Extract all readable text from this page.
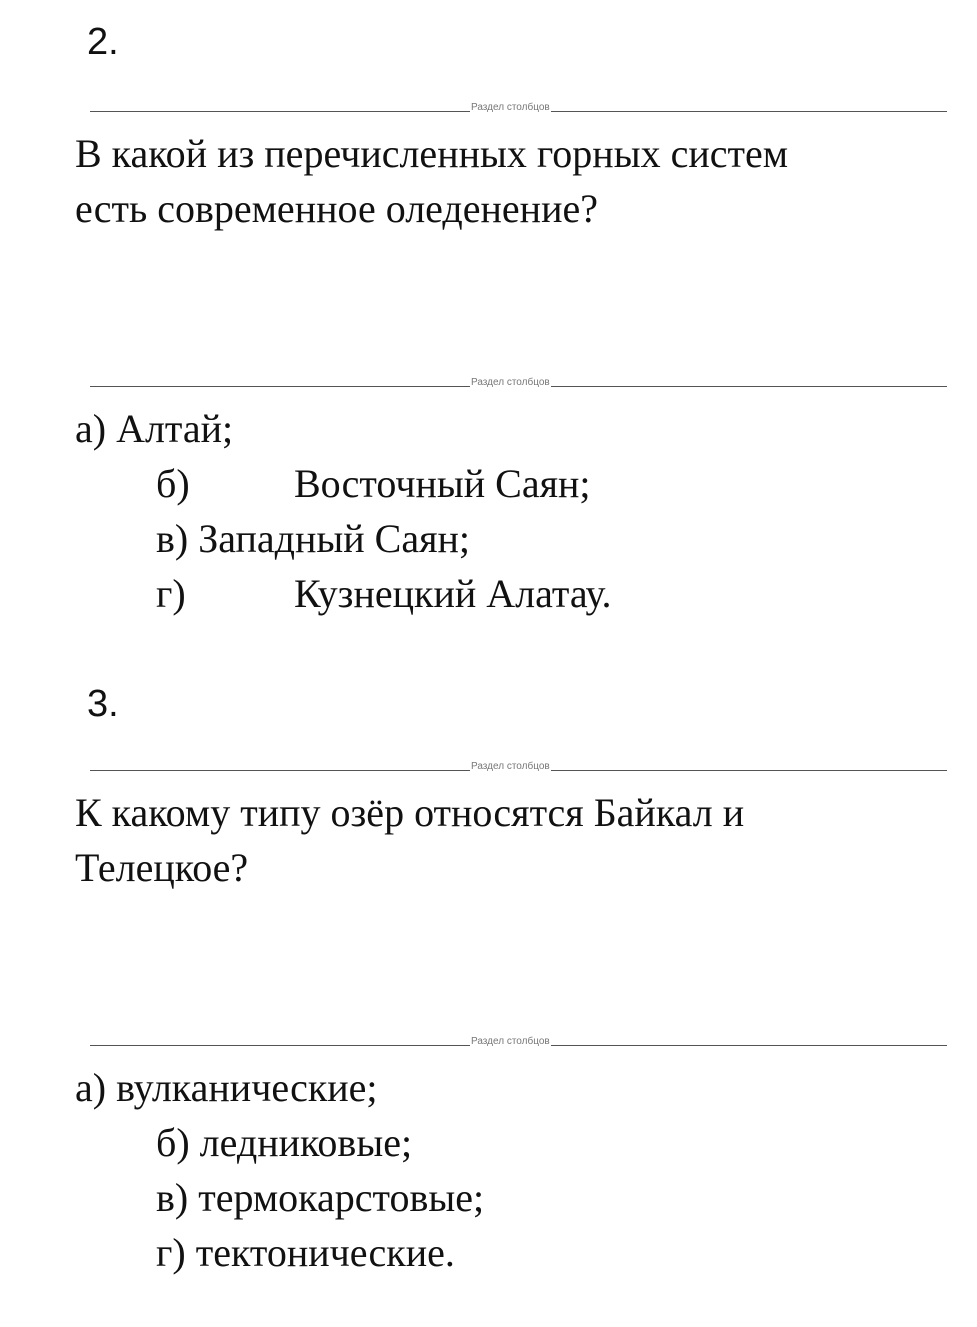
2.
Раздел столбцов
В какой из перечисленных горных систем
есть современное оледенение?
Раздел столбцов
а) Алтай;
б)	Восточный Саян;
в) Западный Саян;
г)	Кузнецкий Алатау.
3.
Раздел столбцов
К какому типу озёр относятся Байкал и
Телецкое?
Раздел столбцов
а) вулканические;
б) ледниковые;
в) термокарстовые;
г) тектонические.
